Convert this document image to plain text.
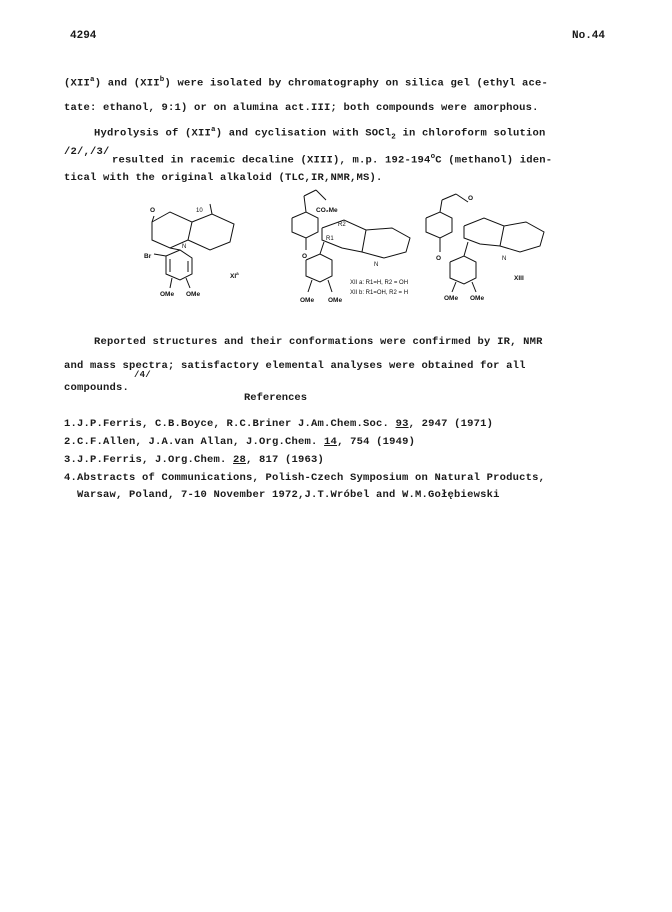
4294	No.44
(XII$^a$) and (XII$^b$) were isolated by chromatography on silica gel (ethyl ace-
tate: ethanol, 9:1) or on alumina act.III; both compounds were amorphous.
Hydrolysis of (XII$^a$) and cyclisation with SOCl$_2$ in chloroform solution
/2/,/3/
resulted in racemic decaline (XIII), m.p. 192-194$^o$C (methanol) iden-
tical with the original alkaloid (TLC,IR,NMR,MS).
O	10
N
Br
OMe OMe
$XI^a$
CO₂Me
R2
R1
N
O
OMe OMe
XII a: R1=H, R2 = OH
XII b: R1=OH, R2 = H
O
O	N
OMe OMe
XIII
Reported structures and their conformations were confirmed by IR, NMR
and mass spectra; satisfactory elemental analyses were obtained for all
/4/
compounds.
References
1.J.P.Ferris, C.B.Boyce, R.C.Briner J.Am.Chem.Soc. 93, 2947 (1971)
2.C.F.Allen, J.A.van Allan, J.Org.Chem. 14, 754 (1949)
3.J.P.Ferris, J.Org.Chem. 28, 817 (1963)
4.Abstracts of Communications, Polish-Czech Symposium on Natural Products,
Warsaw, Poland, 7-10 November 1972,J.T.Wróbel and W.M.Gołębiewski
